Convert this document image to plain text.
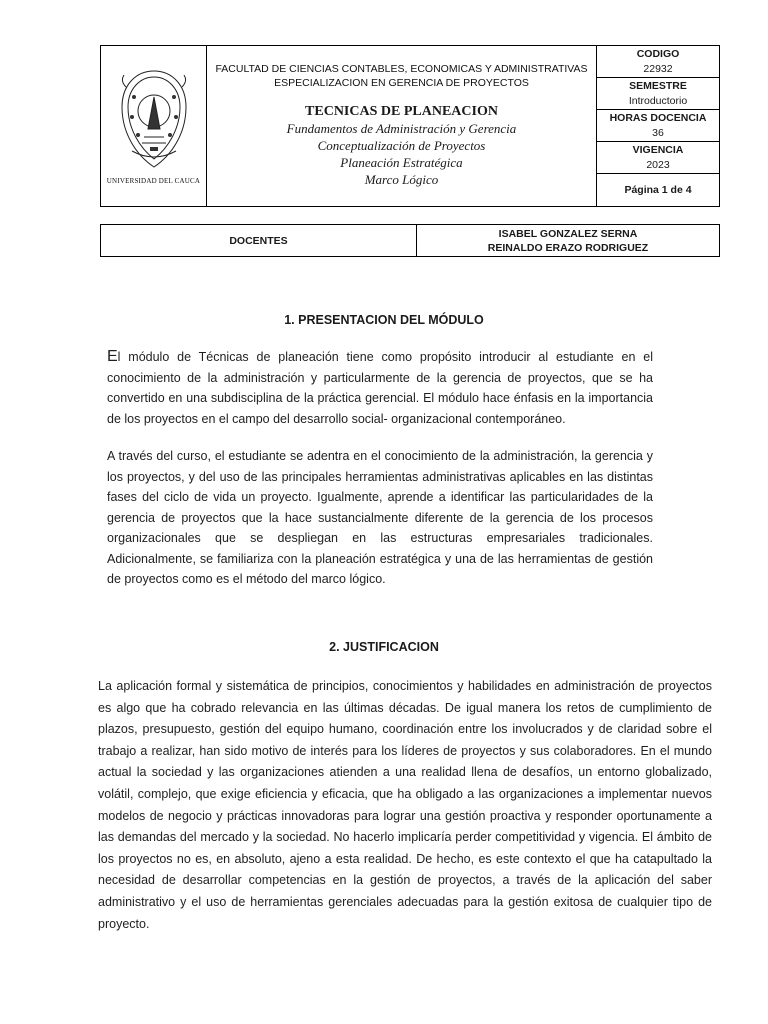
UNIVERSIDAD DEL CAUCA
FACULTAD DE CIENCIAS CONTABLES, ECONOMICAS Y ADMINISTRATIVAS
ESPECIALIZACION EN GERENCIA DE PROYECTOS
TECNICAS DE PLANEACION
Fundamentos de Administración y Gerencia
Conceptualización de Proyectos
Planeación Estratégica
Marco Lógico
CODIGO
22932
SEMESTRE
Introductorio
HORAS DOCENCIA
36
VIGENCIA
2023
Página 1 de 4
DOCENTES
ISABEL GONZALEZ SERNA
REINALDO ERAZO RODRIGUEZ
1. PRESENTACION DEL MÓDULO

El módulo de Técnicas de planeación tiene como propósito introducir al estudiante en el conocimiento de la administración y particularmente de la gerencia de proyectos, que se ha convertido en una subdisciplina de la práctica gerencial. El módulo hace énfasis en la importancia de los proyectos en el campo del desarrollo social- organizacional contemporáneo.

A través del curso, el estudiante se adentra en el conocimiento de la administración, la gerencia y los proyectos, y del uso de las principales herramientas administrativas aplicables en las distintas fases del ciclo de vida un proyecto. Igualmente, aprende a identificar las particularidades de la gerencia de proyectos que la hace sustancialmente diferente de la gerencia de los procesos organizacionales que se despliegan en las estructuras empresariales tradicionales. Adicionalmente, se familiariza con la planeación estratégica y una de las herramientas de gestión de proyectos como es el método del marco lógico.

2. JUSTIFICACION

La aplicación formal y sistemática de principios, conocimientos y habilidades en administración de proyectos es algo que ha cobrado relevancia en las últimas décadas. De igual manera los retos de cumplimiento de plazos, presupuesto, gestión del equipo humano, coordinación entre los involucrados y de claridad sobre el trabajo a realizar, han sido motivo de interés para los líderes de proyectos y sus colaboradores. En el mundo actual la sociedad y las organizaciones atienden a una realidad llena de desafíos, un entorno globalizado, volátil, complejo, que exige eficiencia y eficacia, que ha obligado a las organizaciones a implementar nuevos modelos de negocio y prácticas innovadoras para lograr una gestión proactiva y responder oportunamente a las demandas del mercado y la sociedad. No hacerlo implicaría perder competitividad y vigencia. El ámbito de los proyectos no es, en absoluto, ajeno a esta realidad. De hecho, es este contexto el que ha catapultado la necesidad de desarrollar competencias en la gestión de proyectos, a través de la aplicación del saber administrativo y el uso de herramientas gerenciales adecuadas para la gestión exitosa de cualquier tipo de proyecto.
